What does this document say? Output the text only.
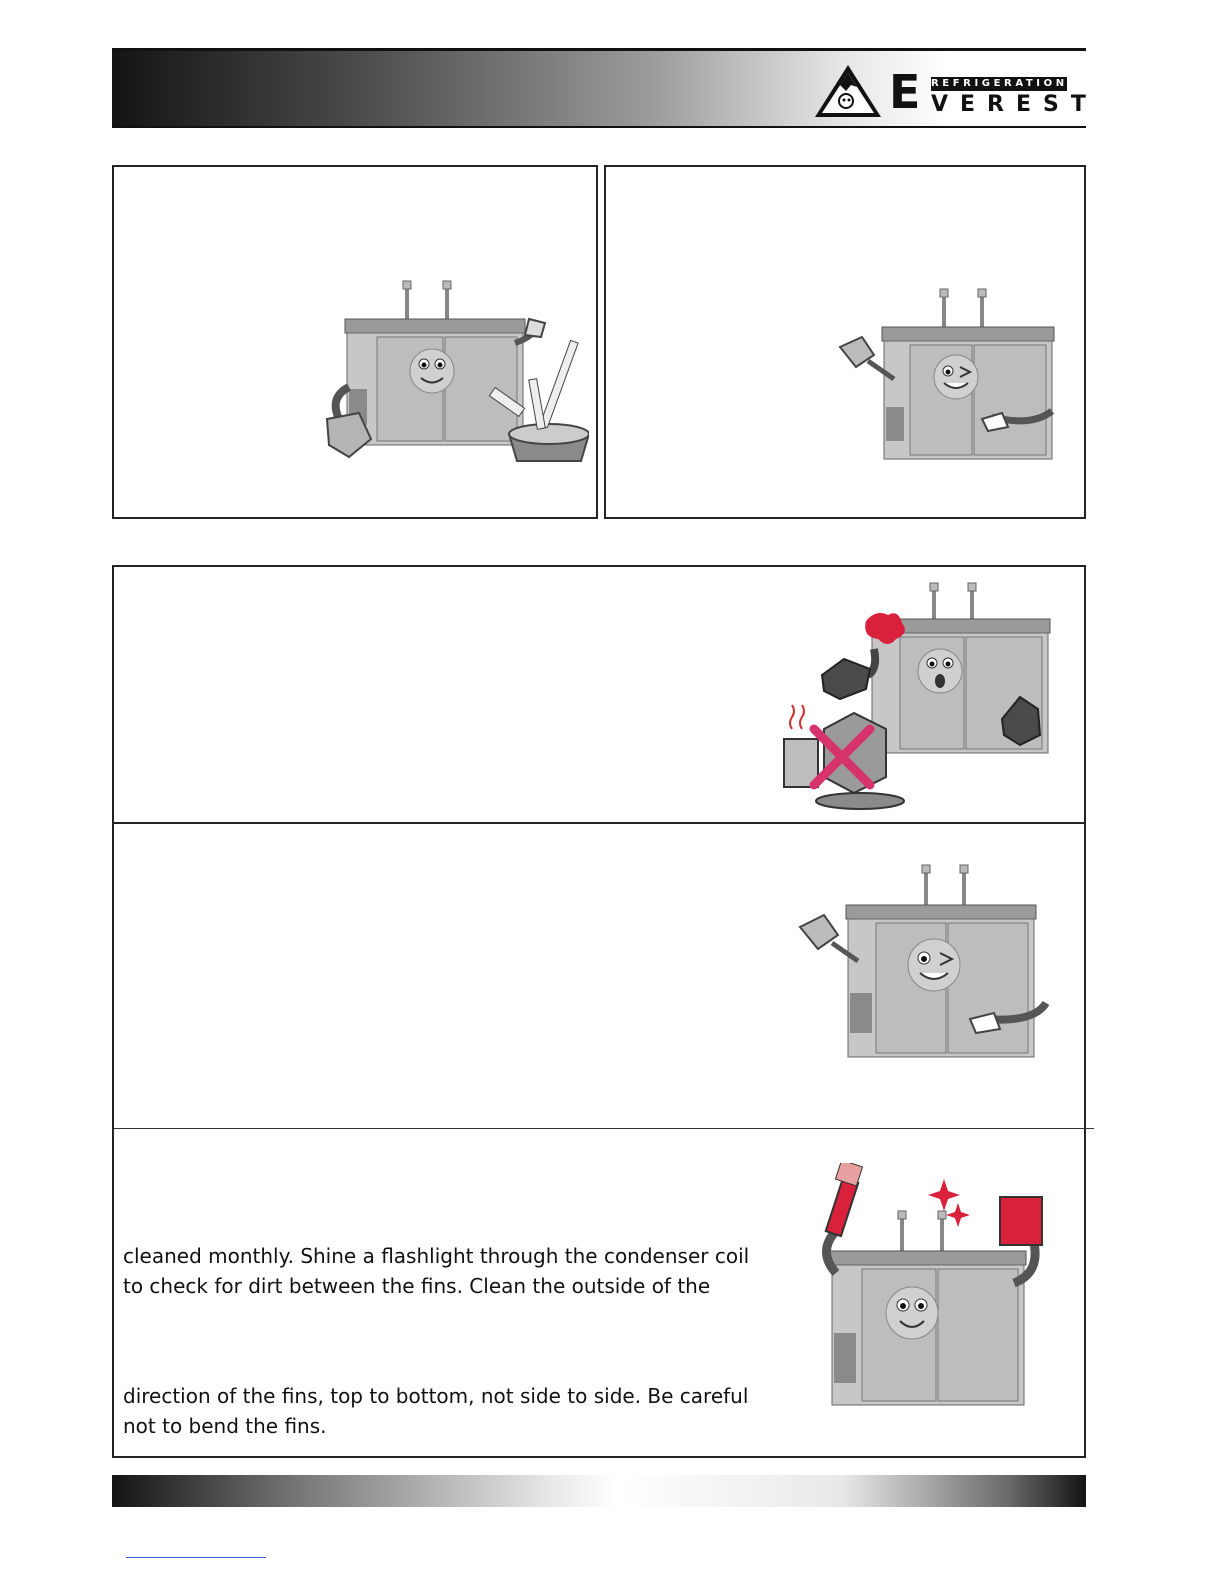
E REFRIGERATION
VEREST

cleaned monthly. Shine a flashlight through the condenser coil

to check for dirt between the fins. Clean the outside of the

direction of the fins, top to bottom, not side to side. Be careful

not to bend the fins.
